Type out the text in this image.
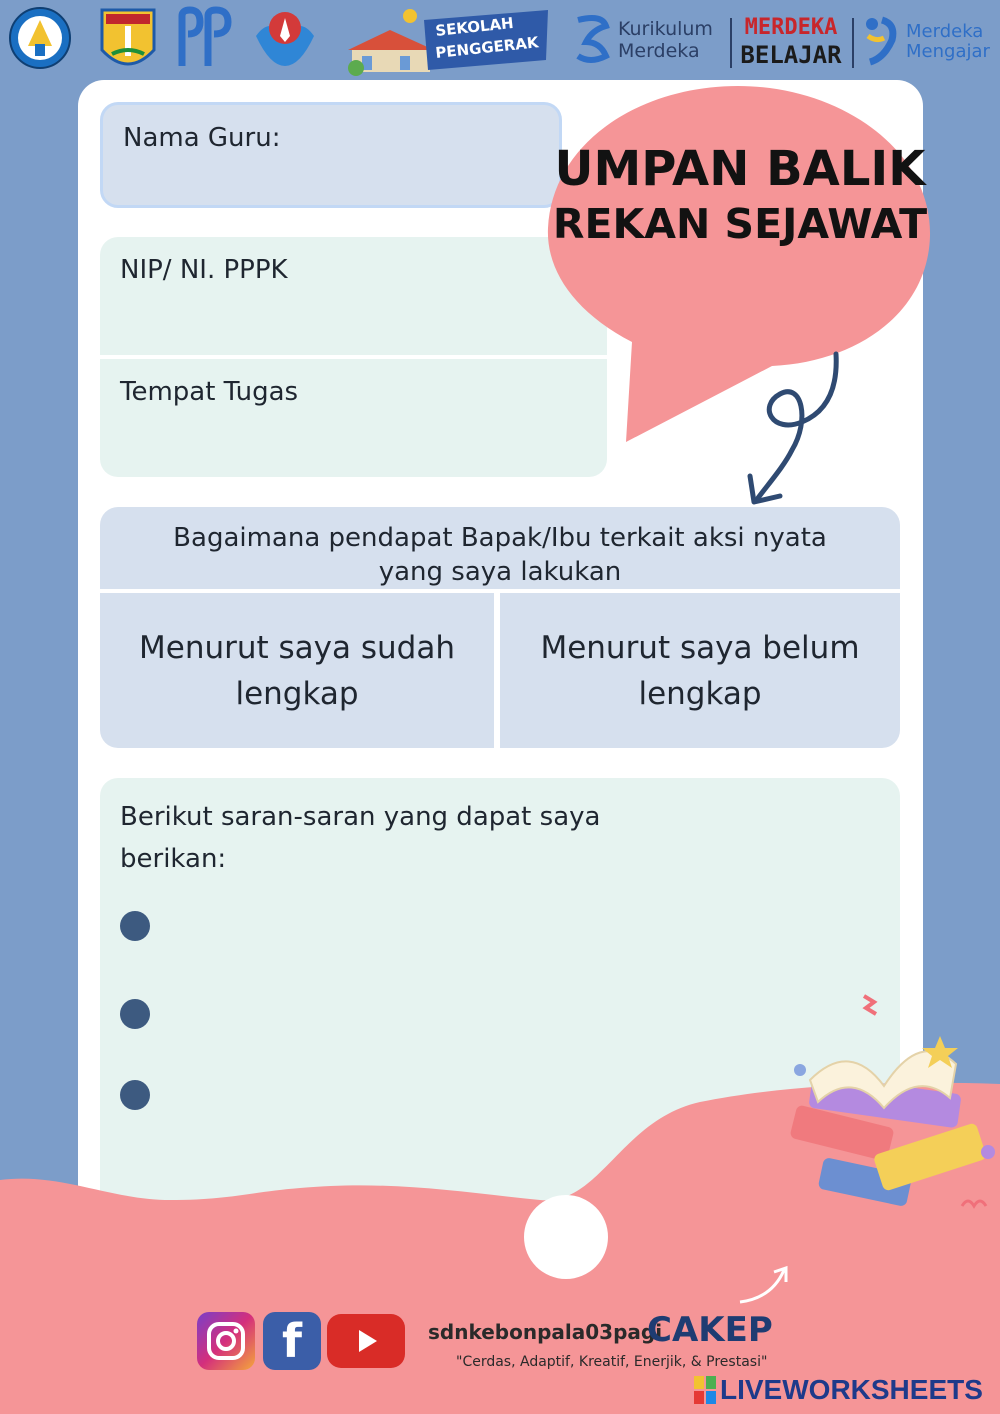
SEKOLAH
PENGGERAK
Kurikulum
Merdeka
MERDEKA
BELAJAR
Merdeka
Mengajar
Nama Guru:
NIP/ NI. PPPK
Tempat Tugas
UMPAN BALIK
REKAN SEJAWAT
Bagaimana pendapat Bapak/Ibu terkait aksi nyata yang saya lakukan
Menurut saya sudah lengkap
Menurut saya belum lengkap
Berikut saran-saran yang dapat saya berikan:
f	sdnkebonpala03pagi
CAKEP
"Cerdas, Adaptif, Kreatif, Enerjik, & Prestasi"
LIVEWORKSHEETS
